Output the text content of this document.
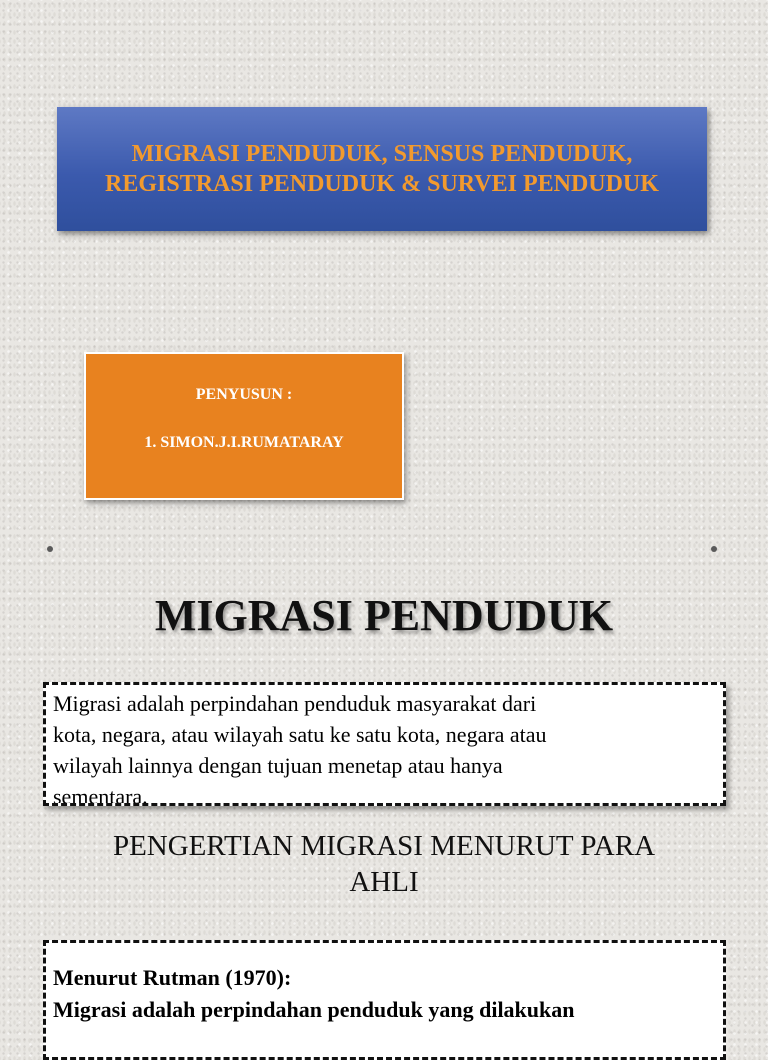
MIGRASI PENDUDUK, SENSUS PENDUDUK,
REGISTRASI PENDUDUK & SURVEI PENDUDUK
PENYUSUN :
1. SIMON.J.I.RUMATARAY
MIGRASI PENDUDUK
Migrasi adalah perpindahan penduduk masyarakat dari
kota, negara, atau wilayah satu ke satu kota, negara atau
wilayah lainnya dengan tujuan menetap atau hanya
sementara.
PENGERTIAN MIGRASI MENURUT PARA
AHLI
Menurut Rutman (1970):
Migrasi adalah perpindahan penduduk yang dilakukan
